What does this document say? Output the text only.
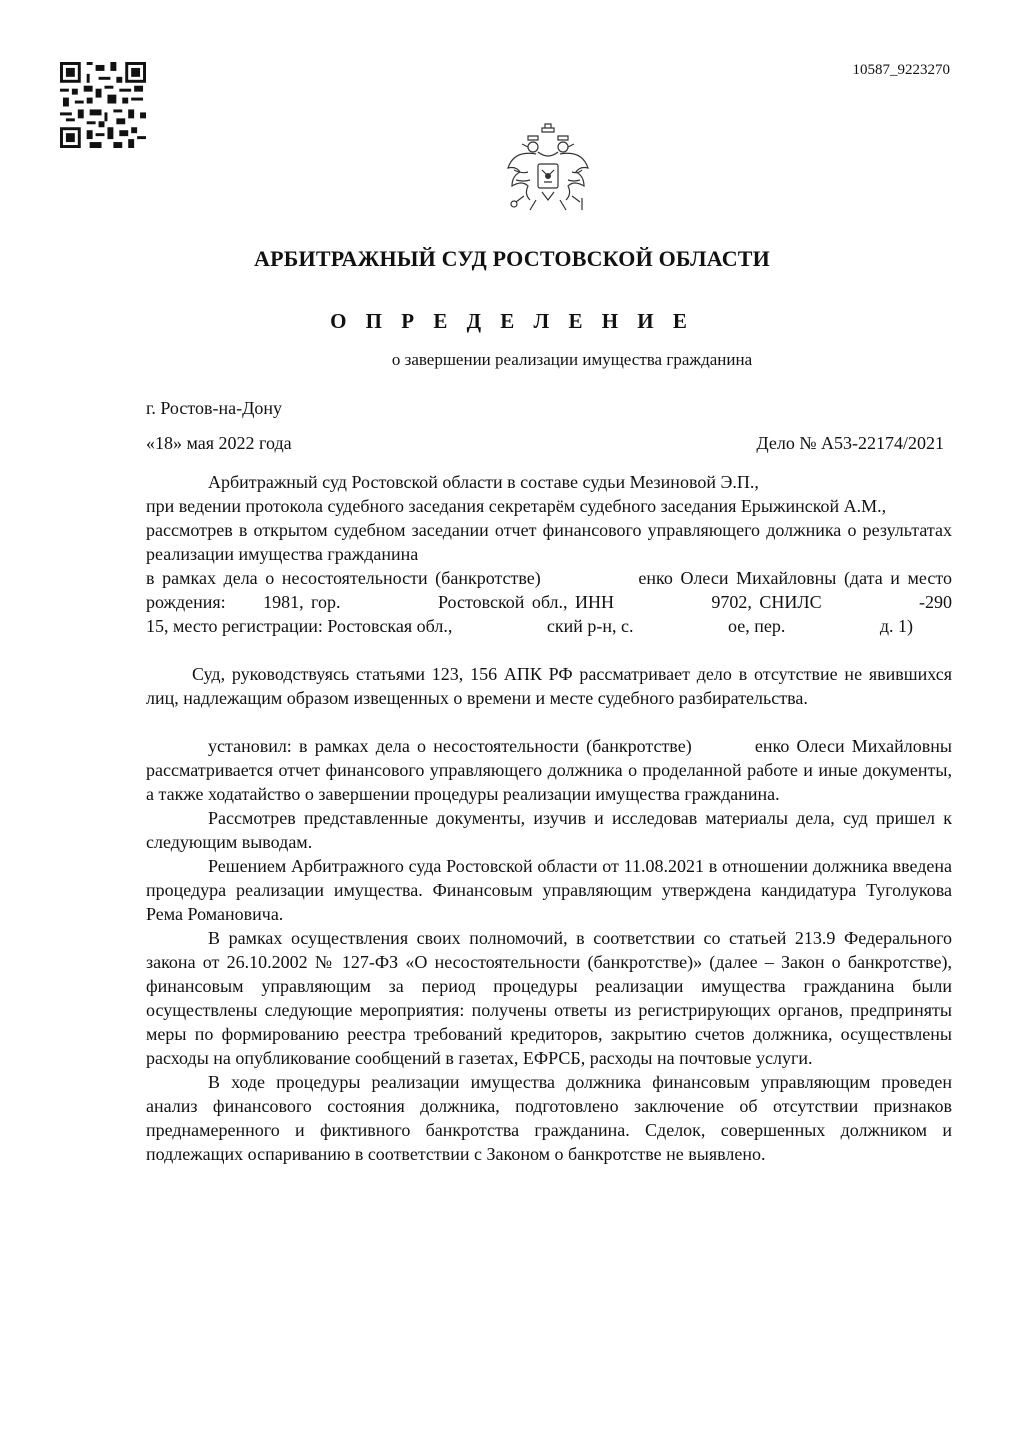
10587_9223270
АРБИТРАЖНЫЙ СУД РОСТОВСКОЙ ОБЛАСТИ
О П Р Е Д Е Л Е Н И Е
о завершении реализации имущества гражданина
г. Ростов-на-Дону
«18» мая 2022 года	Дело № А53-22174/2021

Арбитражный суд Ростовской области в составе судьи Мезиновой Э.П.,

при ведении протокола судебного заседания секретарём судебного заседания Ерыжинской А.М.,

рассмотрев в открытом судебном заседании отчет финансового управляющего должника о результатах реализации имущества гражданина

в рамках дела о несостоятельности (банкротстве)	енко Олеси Михайловны (дата и место рождения: 1981, гор.	Ростовской обл., ИНН	9702, СНИЛС	-290 15, место регистрации: Ростовская обл.,	ский р-н, с.	ое, пер.	д. 1)

Суд, руководствуясь статьями 123, 156 АПК РФ рассматривает дело в отсутствие не явившихся лиц, надлежащим образом извещенных о времени и месте судебного разбирательства.

установил: в рамках дела о несостоятельности (банкротстве)	енко Олеси Михайловны рассматривается отчет финансового управляющего должника о проделанной работе и иные документы, а также ходатайство о завершении процедуры реализации имущества гражданина.

Рассмотрев представленные документы, изучив и исследовав материалы дела, суд пришел к следующим выводам.

Решением Арбитражного суда Ростовской области от 11.08.2021 в отношении должника введена процедура реализации имущества. Финансовым управляющим утверждена кандидатура Туголукова Рема Романовича.

В рамках осуществления своих полномочий, в соответствии со статьей 213.9 Федерального закона от 26.10.2002 № 127-ФЗ «О несостоятельности (банкротстве)» (далее – Закон о банкротстве), финансовым управляющим за период процедуры реализации имущества гражданина были осуществлены следующие мероприятия: получены ответы из регистрирующих органов, предприняты меры по формированию реестра требований кредиторов, закрытию счетов должника, осуществлены расходы на опубликование сообщений в газетах, ЕФРСБ, расходы на почтовые услуги.

В ходе процедуры реализации имущества должника финансовым управляющим проведен анализ финансового состояния должника, подготовлено заключение об отсутствии признаков преднамеренного и фиктивного банкротства гражданина. Сделок, совершенных должником и подлежащих оспариванию в соответствии с Законом о банкротстве не выявлено.
